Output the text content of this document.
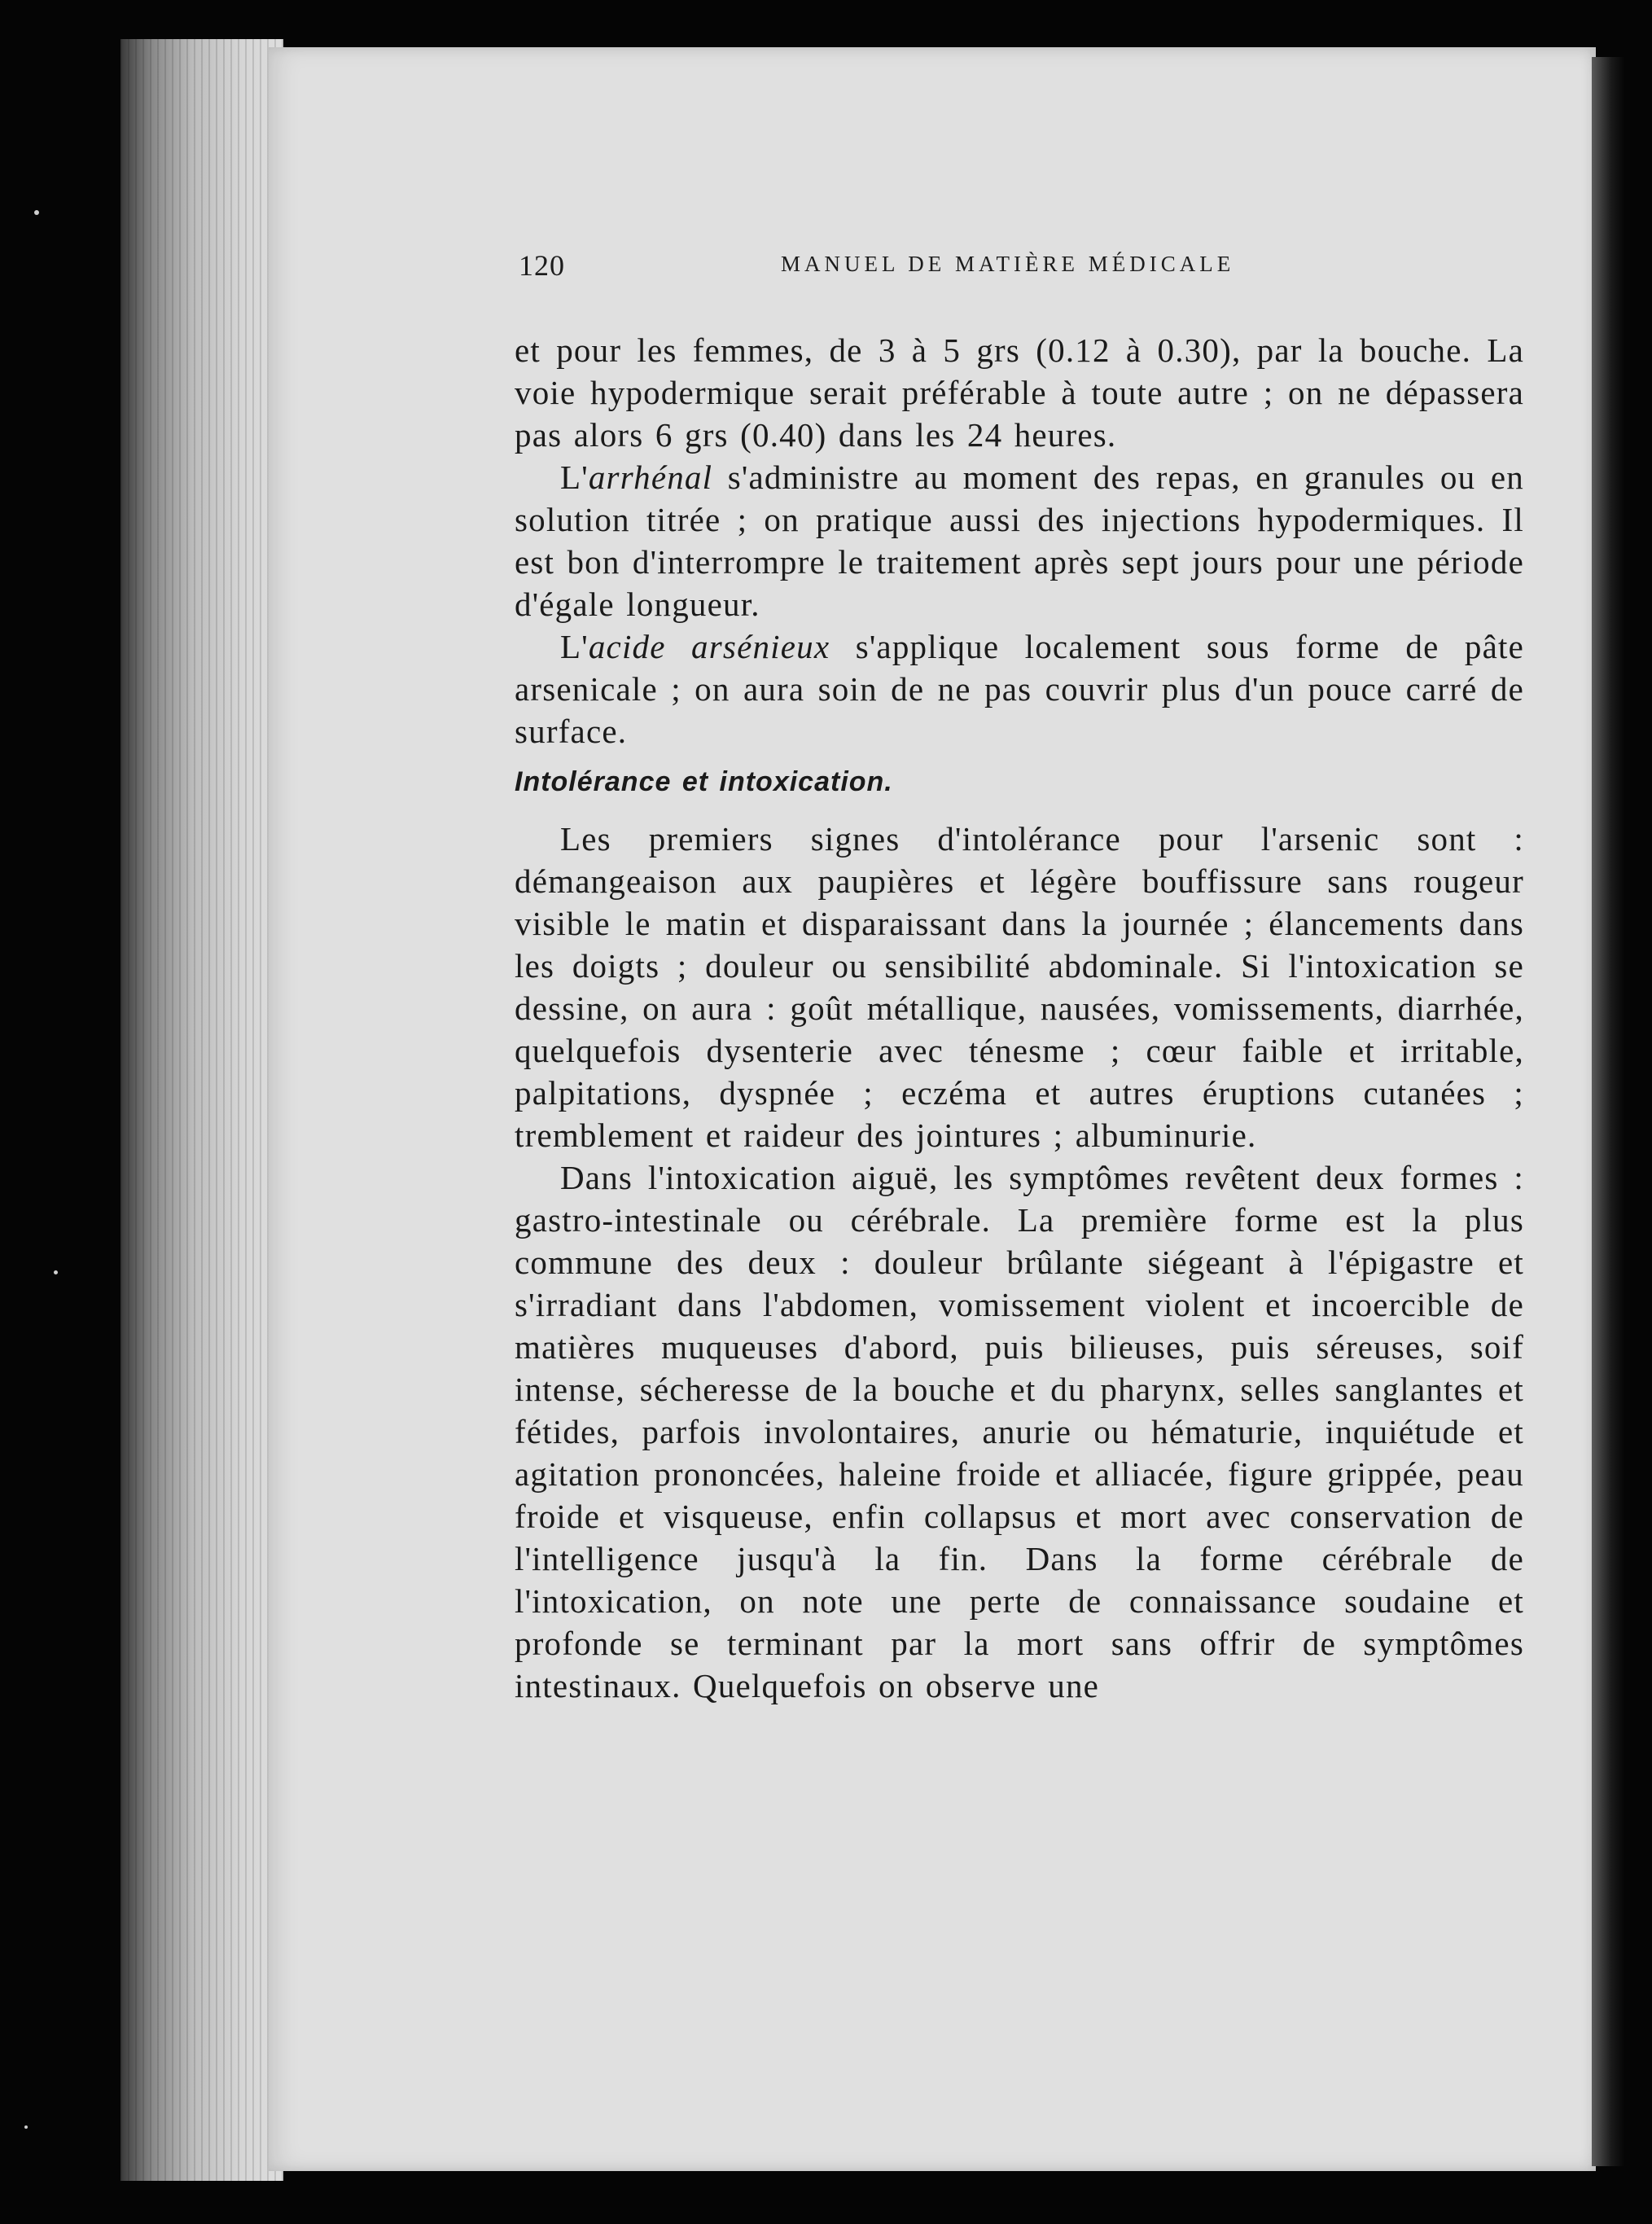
120	MANUEL DE MATIÈRE MÉDICALE

et pour les femmes, de 3 à 5 grs (0.12 à 0.30), par la bouche. La voie hypodermique serait préférable à toute autre ; on ne dépassera pas alors 6 grs (0.40) dans les 24 heures.

L'arrhénal s'administre au moment des repas, en granules ou en solution titrée ; on pratique aussi des injections hypodermiques. Il est bon d'interrompre le traitement après sept jours pour une période d'égale longueur.

L'acide arsénieux s'applique localement sous forme de pâte arsenicale ; on aura soin de ne pas couvrir plus d'un pouce carré de surface.

Intolérance et intoxication.

Les premiers signes d'intolérance pour l'arsenic sont : démangeaison aux paupières et légère bouffissure sans rougeur visible le matin et disparaissant dans la journée ; élancements dans les doigts ; douleur ou sensibilité abdominale. Si l'intoxication se dessine, on aura : goût métallique, nausées, vomissements, diarrhée, quelquefois dysenterie avec ténesme ; cœur faible et irritable, palpitations, dyspnée ; eczéma et autres éruptions cutanées ; tremblement et raideur des jointures ; albuminurie.

Dans l'intoxication aiguë, les symptômes revêtent deux formes : gastro-intestinale ou cérébrale. La première forme est la plus commune des deux : douleur brûlante siégeant à l'épigastre et s'irradiant dans l'abdomen, vomissement violent et incoercible de matières muqueuses d'abord, puis bilieuses, puis séreuses, soif intense, sécheresse de la bouche et du pharynx, selles sanglantes et fétides, parfois involontaires, anurie ou hématurie, inquiétude et agitation prononcées, haleine froide et alliacée, figure grippée, peau froide et visqueuse, enfin collapsus et mort avec conservation de l'intelligence jusqu'à la fin. Dans la forme cérébrale de l'intoxication, on note une perte de connaissance soudaine et profonde se terminant par la mort sans offrir de symptômes intestinaux. Quelquefois on observe une
